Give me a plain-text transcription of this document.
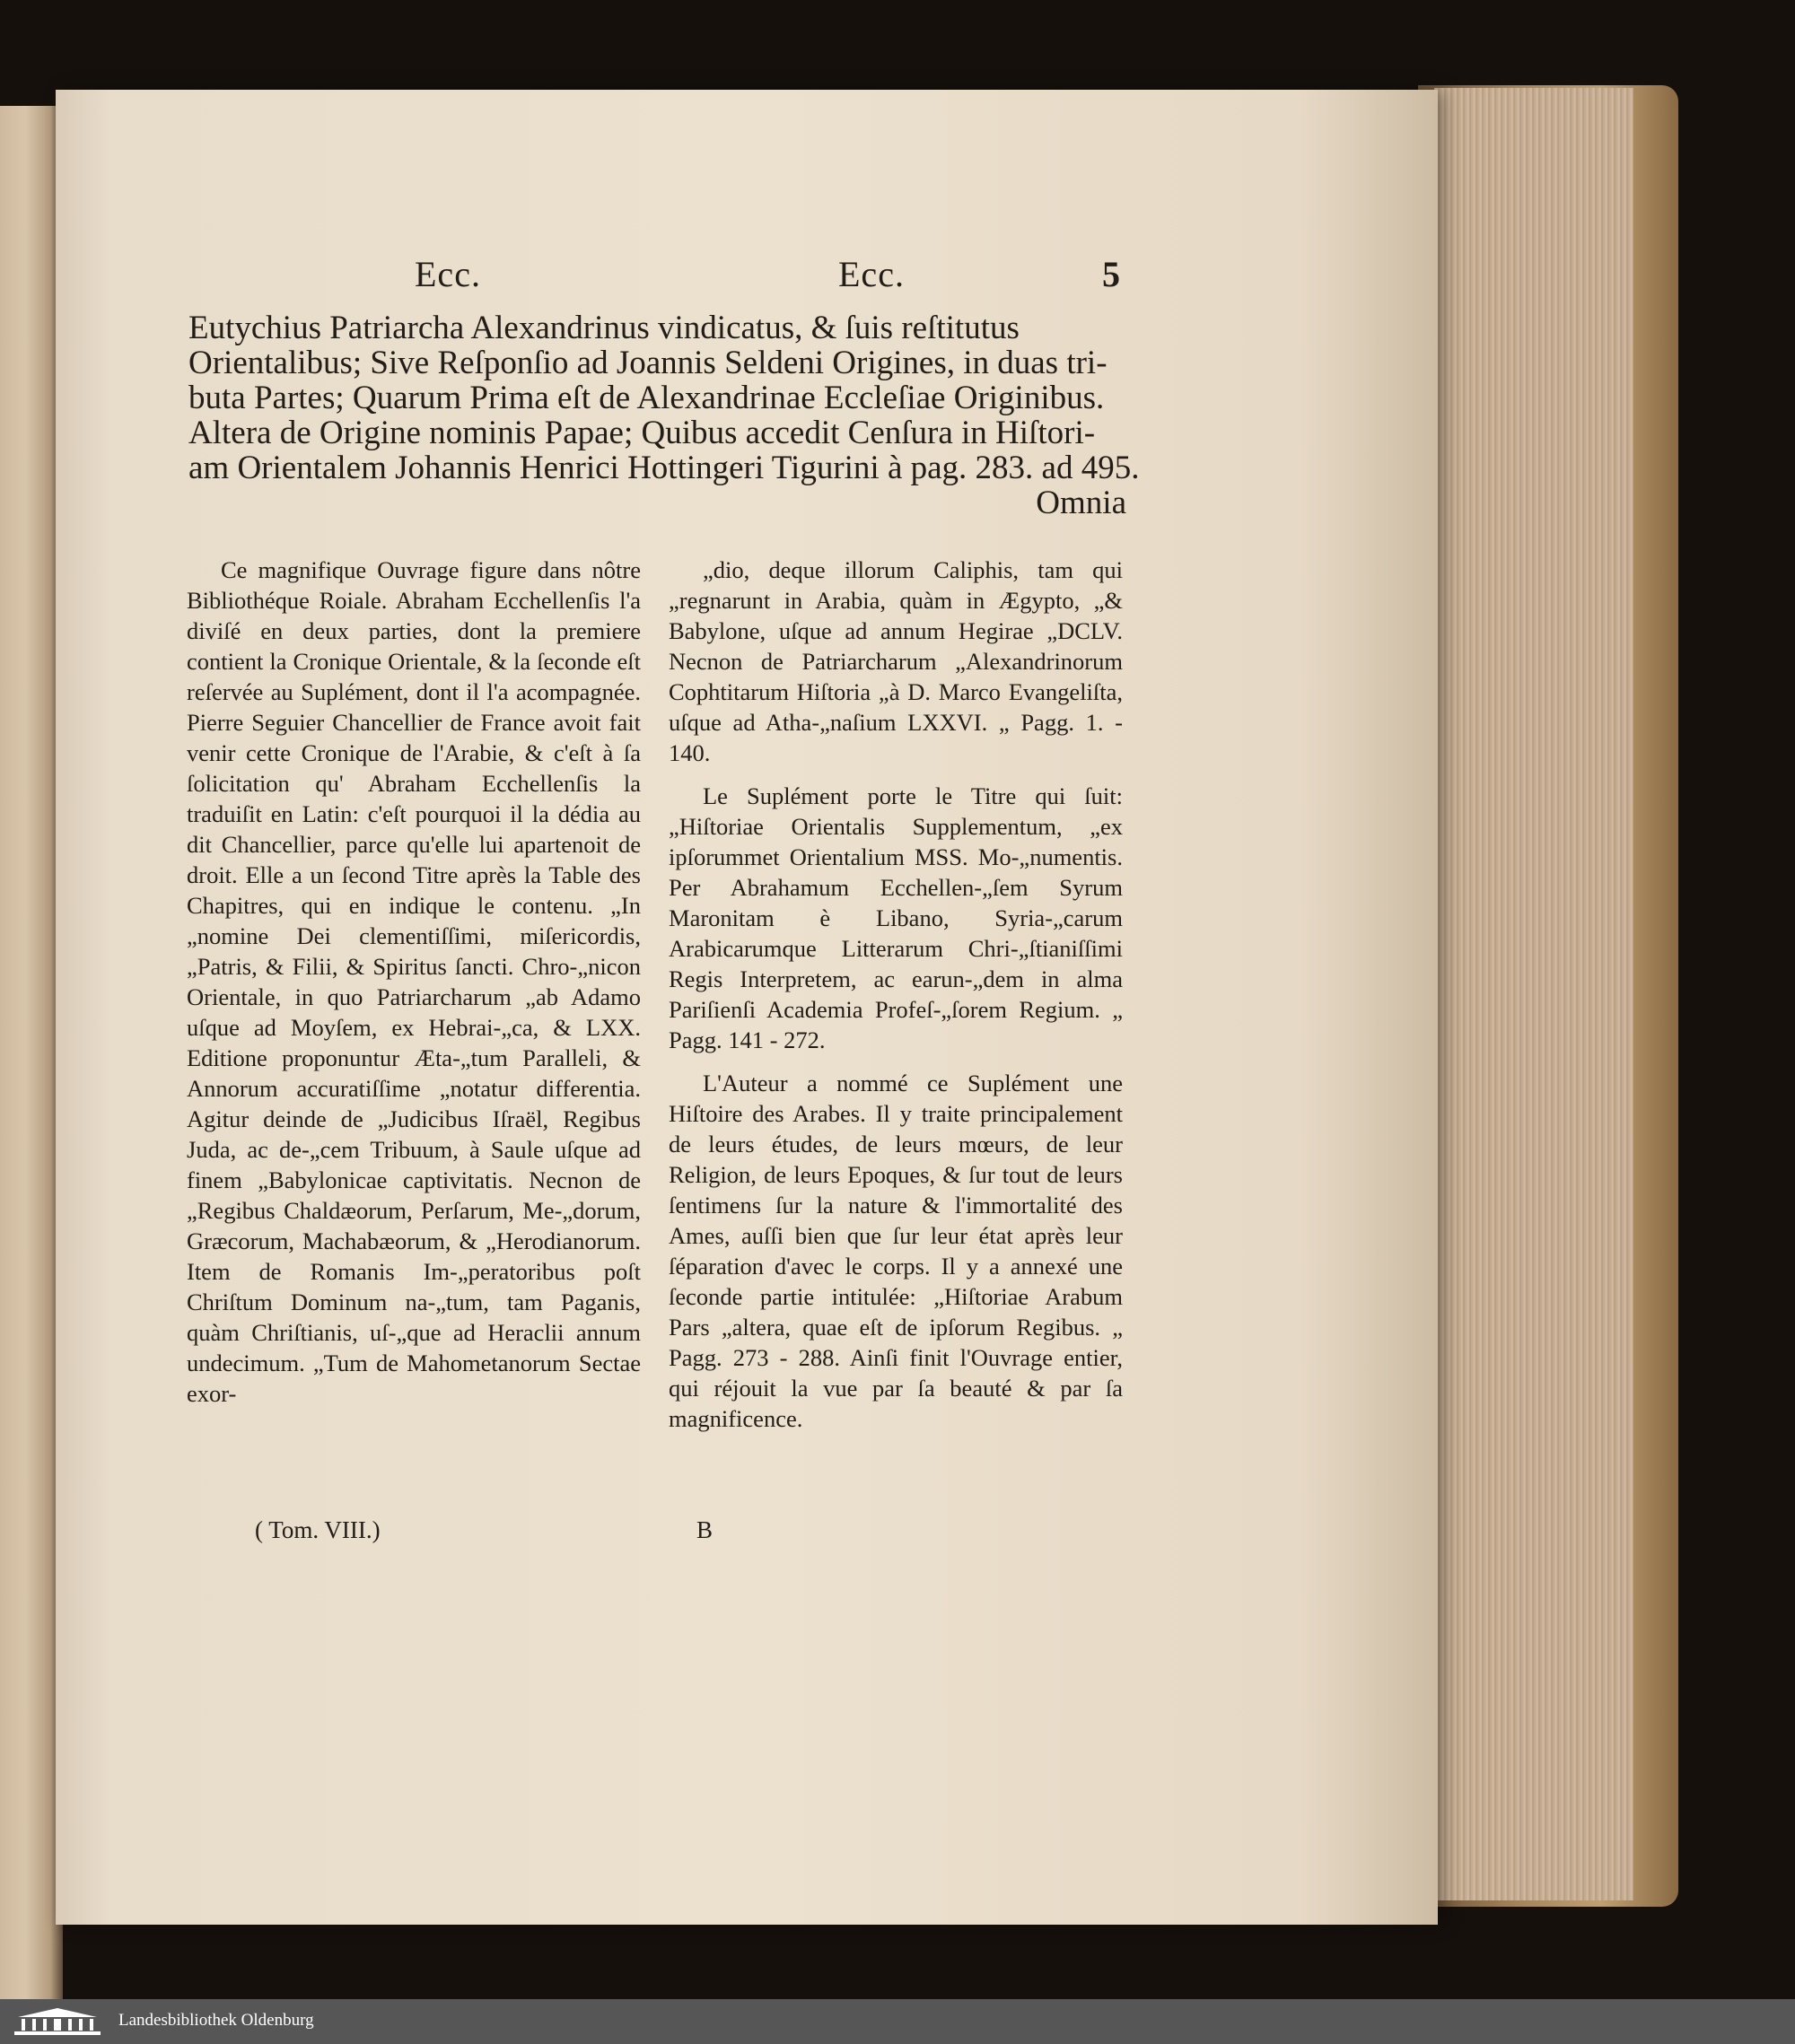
Ecc.	Ecc.	5
Eutychius Patriarcha Alexandrinus vindicatus, & ſuis reſtitutus
Orientalibus; Sive Reſponſio ad Joannis Seldeni Origines, in duas tri-
buta Partes; Quarum Prima eſt de Alexandrinae Eccleſiae Originibus.
Altera de Origine nominis Papae; Quibus accedit Cenſura in Hiſtori-
am Orientalem Johannis Henrici Hottingeri Tigurini à pag. 283. ad 495.
Omnia

Ce magnifique Ouvrage figure dans nôtre Bibliothéque Roiale. Abraham Ecchellenſis l'a diviſé en deux parties, dont la premiere contient la Cronique Orientale, & la ſeconde eſt reſervée au Suplément, dont il l'a acompagnée. Pierre Seguier Chancellier de France avoit fait venir cette Cronique de l'Arabie, & c'eſt à ſa ſolicitation qu' Abraham Ecchellenſis la traduiſit en Latin: c'eſt pourquoi il la dédia au dit Chancellier, parce qu'elle lui apartenoit de droit. Elle a un ſecond Titre après la Table des Chapitres, qui en indique le contenu. „In „nomine Dei clementiſſimi, miſericordis, „Patris, & Filii, & Spiritus ſancti. Chro-„nicon Orientale, in quo Patriarcharum „ab Adamo uſque ad Moyſem, ex Hebrai-„ca, & LXX. Editione proponuntur Æta-„tum Paralleli, & Annorum accuratiſſime „notatur differentia. Agitur deinde de „Judicibus Iſraël, Regibus Juda, ac de-„cem Tribuum, à Saule uſque ad finem „Babylonicae captivitatis. Necnon de „Regibus Chaldæorum, Perſarum, Me-„dorum, Græcorum, Machabæorum, & „Herodianorum. Item de Romanis Im-„peratoribus poſt Chriſtum Dominum na-„tum, tam Paganis, quàm Chriſtianis, uſ-„que ad Heraclii annum undecimum. „Tum de Mahometanorum Sectae exor-

„dio, deque illorum Caliphis, tam qui „regnarunt in Arabia, quàm in Ægypto, „& Babylone, uſque ad annum Hegirae „DCLV. Necnon de Patriarcharum „Alexandrinorum Cophtitarum Hiſtoria „à D. Marco Evangeliſta, uſque ad Atha-„naſium LXXVI. „ Pagg. 1. - 140.

Le Suplément porte le Titre qui ſuit: „Hiſtoriae Orientalis Supplementum, „ex ipſorummet Orientalium MSS. Mo-„numentis. Per Abrahamum Ecchellen-„ſem Syrum Maronitam è Libano, Syria-„carum Arabicarumque Litterarum Chri-„ſtianiſſimi Regis Interpretem, ac earun-„dem in alma Pariſienſi Academia Profeſ-„ſorem Regium. „ Pagg. 141 - 272.

L'Auteur a nommé ce Suplément une Hiſtoire des Arabes. Il y traite principalement de leurs études, de leurs mœurs, de leur Religion, de leurs Epoques, & ſur tout de leurs ſentimens ſur la nature & l'immortalité des Ames, auſſi bien que ſur leur état après leur ſéparation d'avec le corps. Il y a annexé une ſeconde partie intitulée: „Hiſtoriae Arabum Pars „altera, quae eſt de ipſorum Regibus. „ Pagg. 273 - 288. Ainſi finit l'Ouvrage entier, qui réjouit la vue par ſa beauté & par ſa magnificence.

( Tom. VIII.)	B
Landesbibliothek Oldenburg
